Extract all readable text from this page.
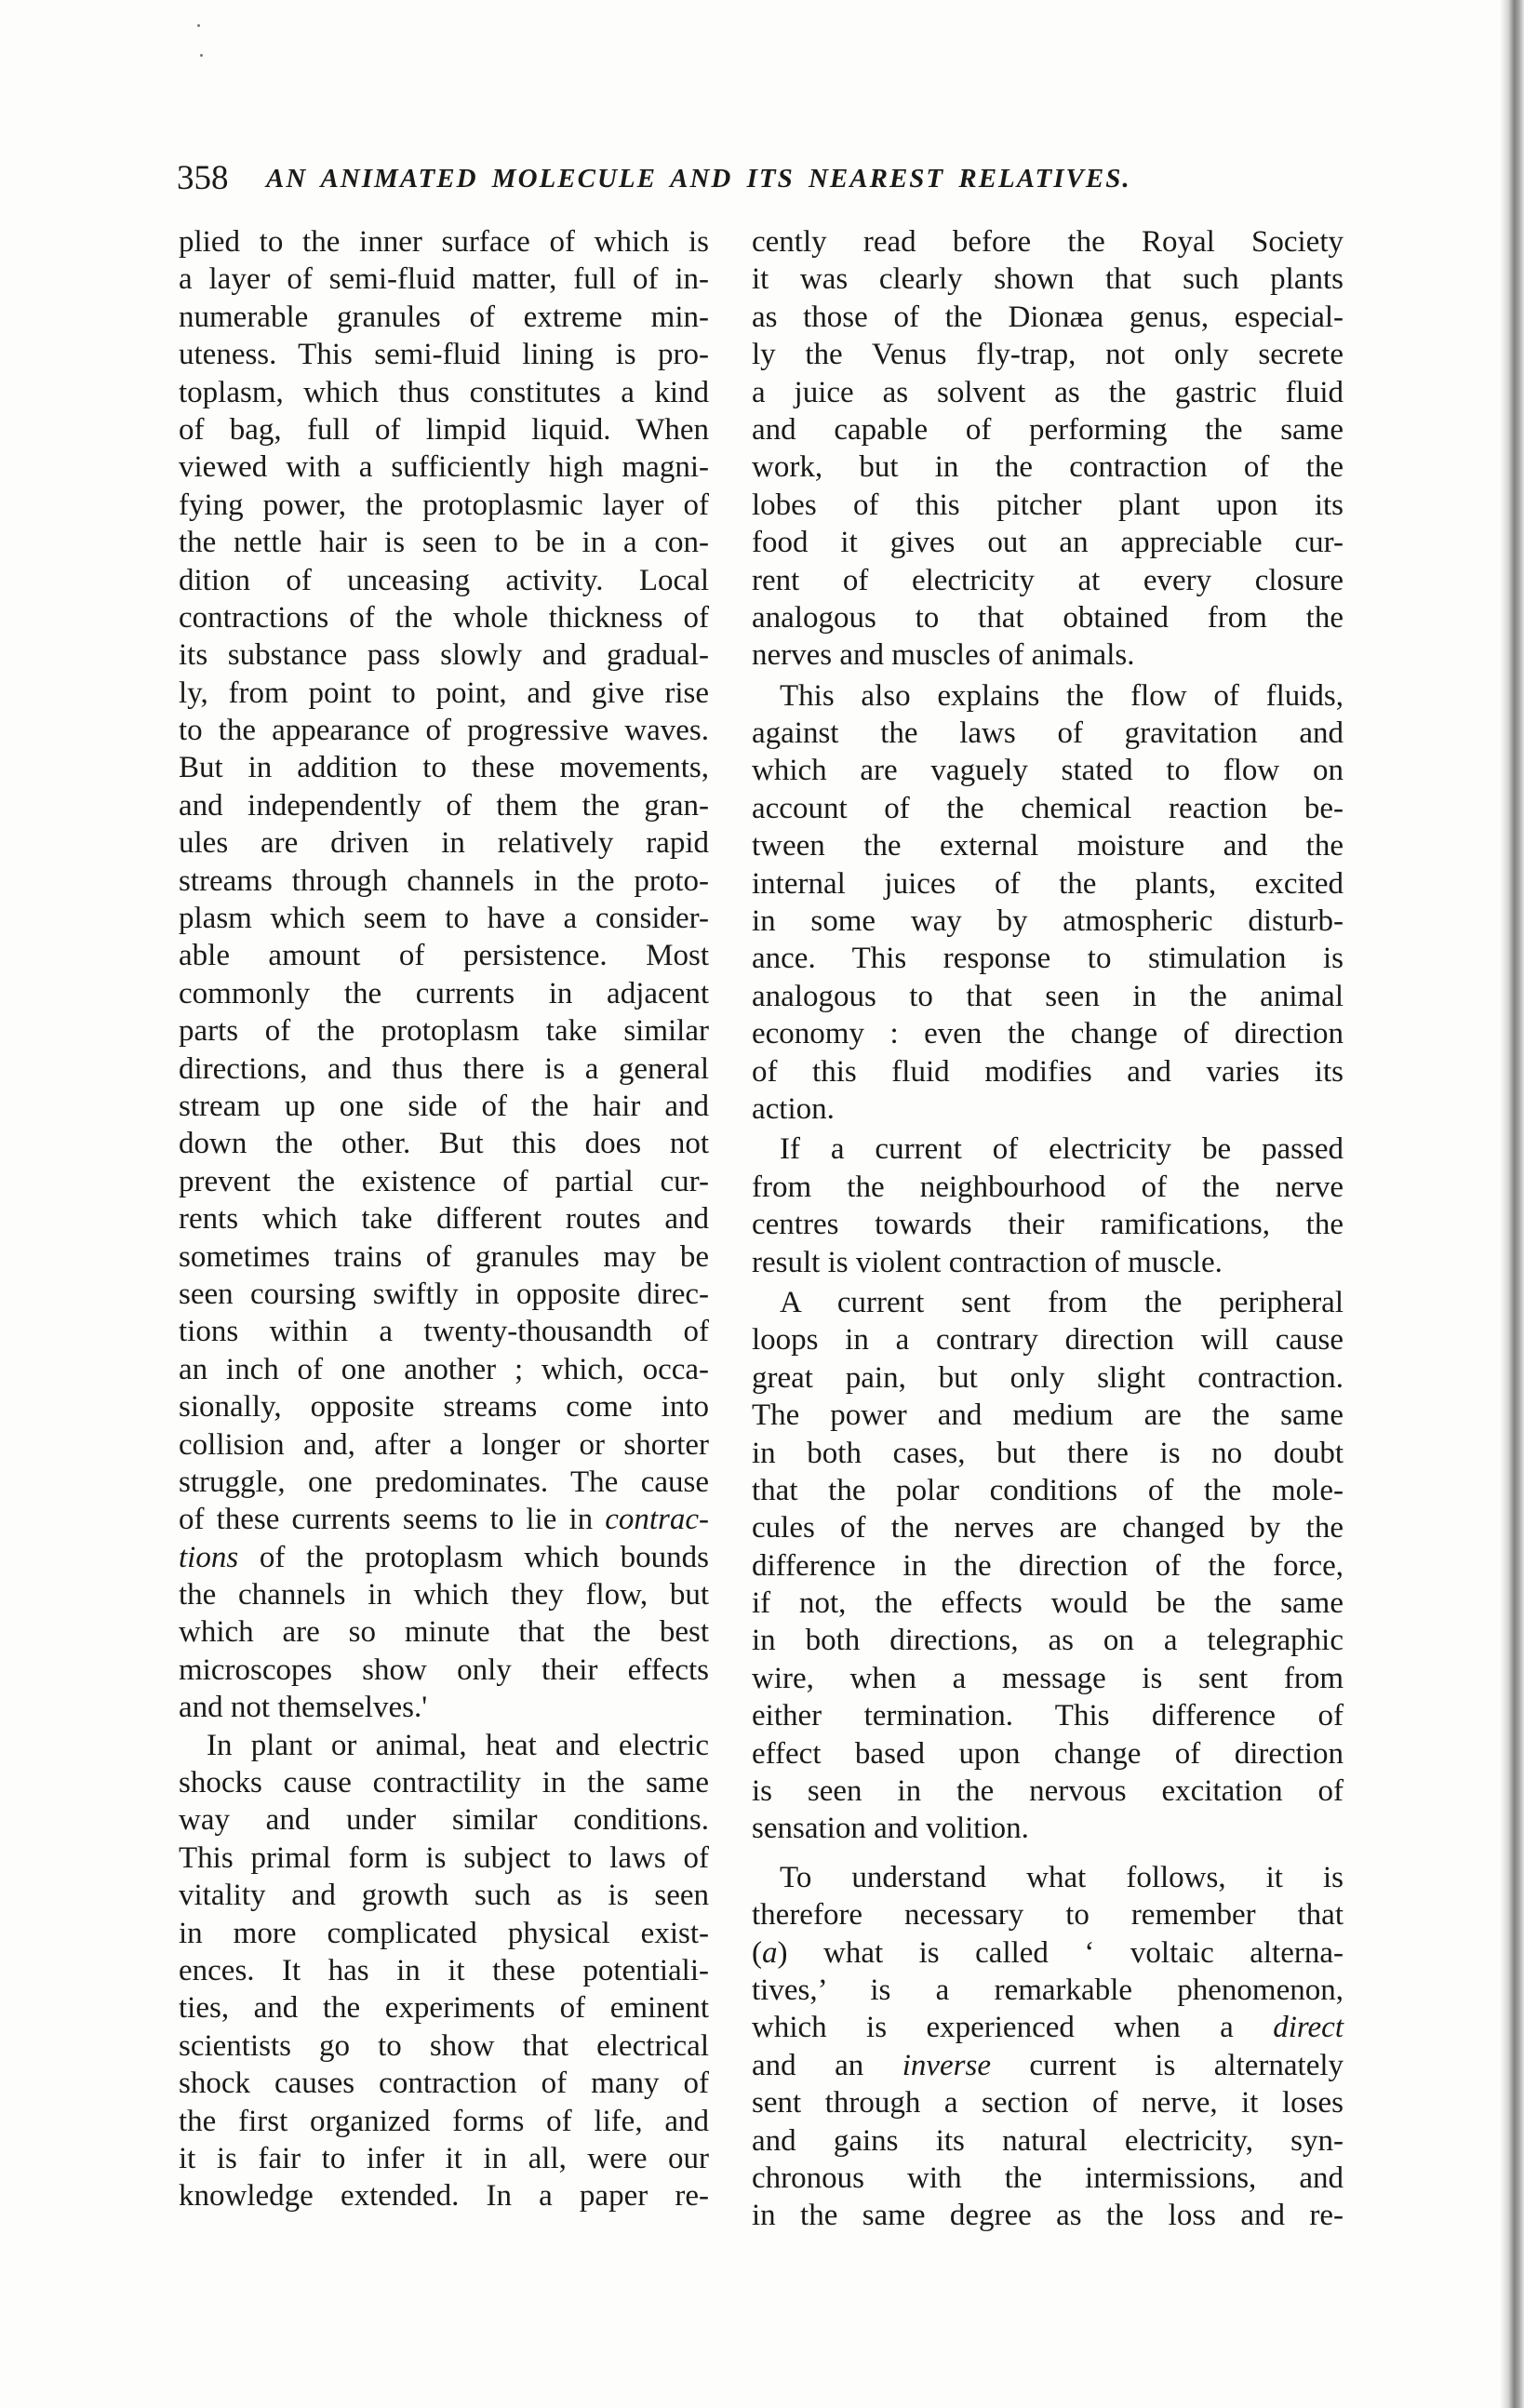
358 AN ANIMATED MOLECULE AND ITS NEAREST RELATIVES.
plied to the inner surface of which is
a layer of semi-fluid matter, full of in-
numerable granules of extreme min-
uteness. This semi-fluid lining is pro-
toplasm, which thus constitutes a kind
of bag, full of limpid liquid. When
viewed with a sufficiently high magni-
fying power, the protoplasmic layer of
the nettle hair is seen to be in a con-
dition of unceasing activity. Local
contractions of the whole thickness of
its substance pass slowly and gradual-
ly, from point to point, and give rise
to the appearance of progressive waves.
But in addition to these movements,
and independently of them the gran-
ules are driven in relatively rapid
streams through channels in the proto-
plasm which seem to have a consider-
able amount of persistence. Most
commonly the currents in adjacent
parts of the protoplasm take similar
directions, and thus there is a general
stream up one side of the hair and
down the other. But this does not
prevent the existence of partial cur-
rents which take different routes and
sometimes trains of granules may be
seen coursing swiftly in opposite direc-
tions within a twenty-thousandth of
an inch of one another ; which, occa-
sionally, opposite streams come into
collision and, after a longer or shorter
struggle, one predominates. The cause
of these currents seems to lie in contrac-
tions of the protoplasm which bounds
the channels in which they flow, but
which are so minute that the best
microscopes show only their effects
and not themselves.'
In plant or animal, heat and electric
shocks cause contractility in the same
way and under similar conditions.
This primal form is subject to laws of
vitality and growth such as is seen
in more complicated physical exist-
ences. It has in it these potentiali-
ties, and the experiments of eminent
scientists go to show that electrical
shock causes contraction of many of
the first organized forms of life, and
it is fair to infer it in all, were our
knowledge extended. In a paper re-
cently read before the Royal Society
it was clearly shown that such plants
as those of the Dionæa genus, especial-
ly the Venus fly-trap, not only secrete
a juice as solvent as the gastric fluid
and capable of performing the same
work, but in the contraction of the
lobes of this pitcher plant upon its
food it gives out an appreciable cur-
rent of electricity at every closure
analogous to that obtained from the
nerves and muscles of animals.
This also explains the flow of fluids,
against the laws of gravitation and
which are vaguely stated to flow on
account of the chemical reaction be-
tween the external moisture and the
internal juices of the plants, excited
in some way by atmospheric disturb-
ance. This response to stimulation is
analogous to that seen in the animal
economy : even the change of direction
of this fluid modifies and varies its
action.
If a current of electricity be passed
from the neighbourhood of the nerve
centres towards their ramifications, the
result is violent contraction of muscle.
A current sent from the peripheral
loops in a contrary direction will cause
great pain, but only slight contraction.
The power and medium are the same
in both cases, but there is no doubt
that the polar conditions of the mole-
cules of the nerves are changed by the
difference in the direction of the force,
if not, the effects would be the same
in both directions, as on a telegraphic
wire, when a message is sent from
either termination. This difference of
effect based upon change of direction
is seen in the nervous excitation of
sensation and volition.
To understand what follows, it is
therefore necessary to remember that
(a) what is called ‘ voltaic alterna-
tives,’ is a remarkable phenomenon,
which is experienced when a direct
and an inverse current is alternately
sent through a section of nerve, it loses
and gains its natural electricity, syn-
chronous with the intermissions, and
in the same degree as the loss and re-
